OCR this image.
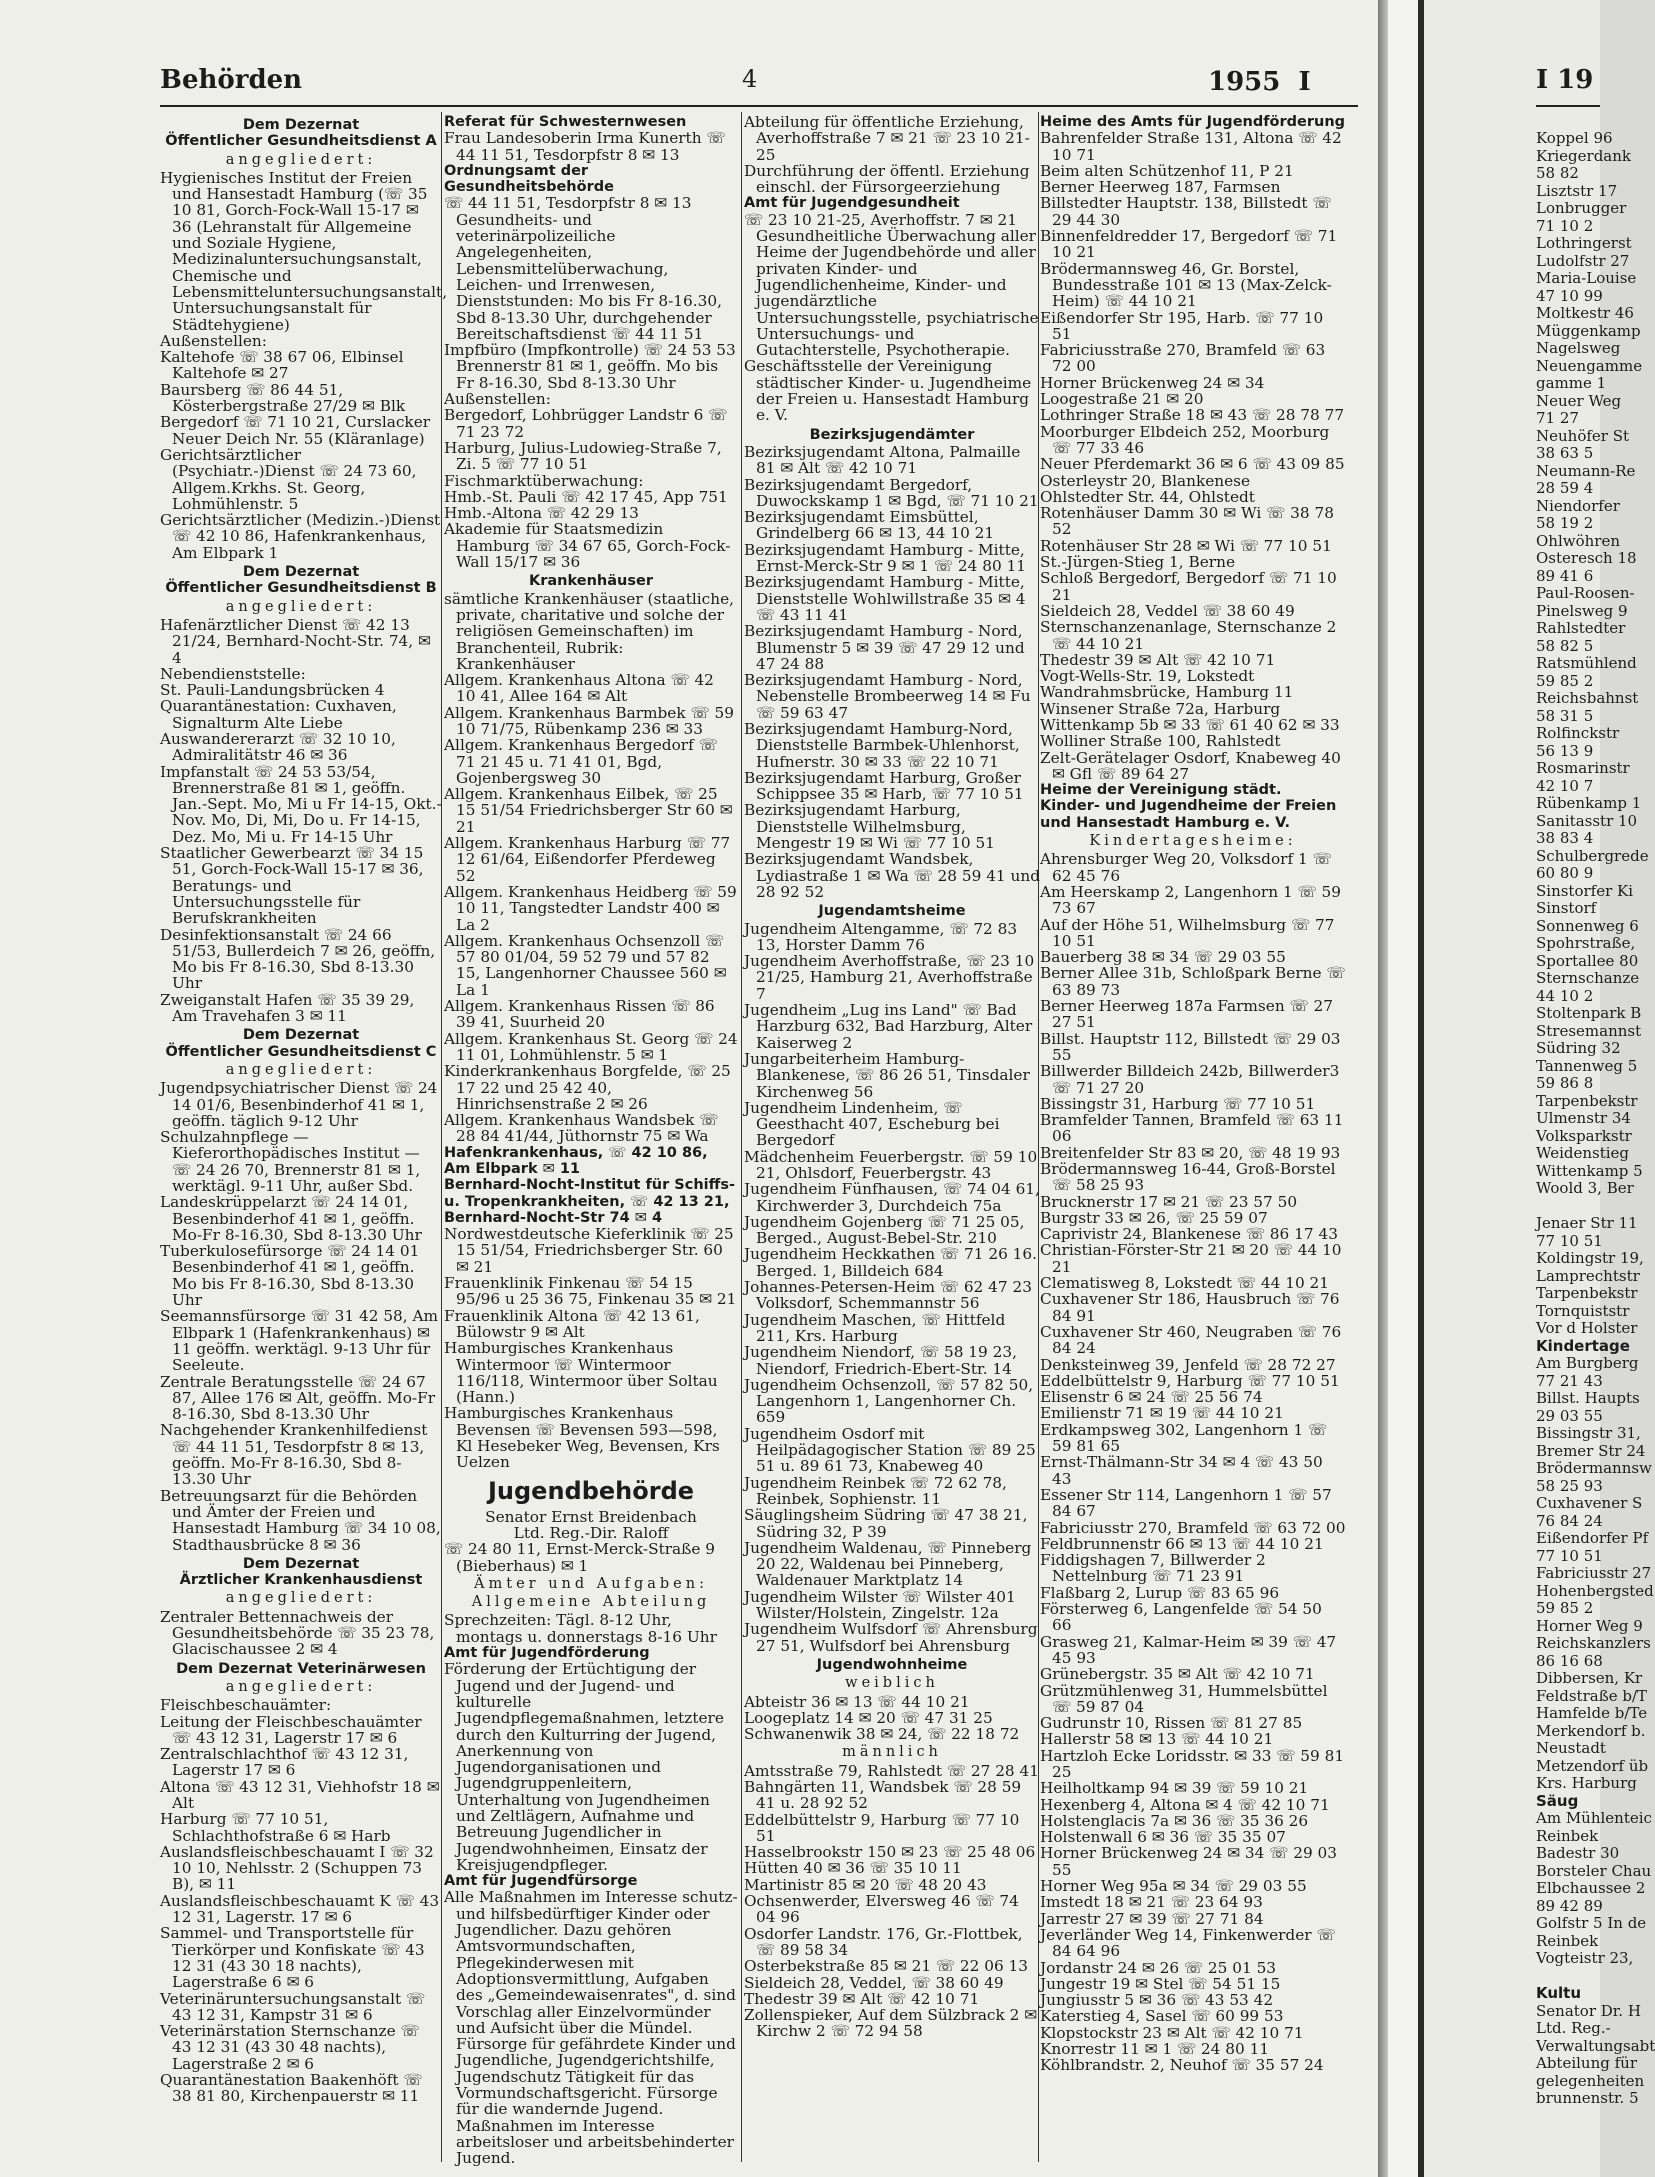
Behörden	4	1955 I
Dem Dezernat
Öffentlicher Gesundheitsdienst A
angegliedert:
Hygienisches Institut der Freien und Hansestadt Hamburg (☏ 35 10 81, Gorch-Fock-Wall 15-17 ✉ 36 (Lehranstalt für Allgemeine und Soziale Hygiene, Medizinaluntersuchungsanstalt, Chemische und Lebensmitteluntersuchungsanstalt, Untersuchungsanstalt für Städtehygiene)
Außenstellen:
Kaltehofe ☏ 38 67 06, Elbinsel Kaltehofe ✉ 27
Baursberg ☏ 86 44 51, Kösterbergstraße 27/29 ✉ Blk
Bergedorf ☏ 71 10 21, Curslacker Neuer Deich Nr. 55 (Kläranlage)
Gerichtsärztlicher (Psychiatr.-)Dienst ☏ 24 73 60, Allgem.Krkhs. St. Georg, Lohmühlenstr. 5
Gerichtsärztlicher (Medizin.-)Dienst ☏ 42 10 86, Hafenkrankenhaus, Am Elbpark 1
Dem Dezernat
Öffentlicher Gesundheitsdienst B
angegliedert:
Hafenärztlicher Dienst ☏ 42 13 21/24, Bernhard-Nocht-Str. 74, ✉ 4
Nebendienststelle:
St. Pauli-Landungsbrücken 4
Quarantänestation: Cuxhaven, Signalturm Alte Liebe
Auswandererarzt ☏ 32 10 10, Admiralitätstr 46 ✉ 36
Impfanstalt ☏ 24 53 53/54, Brennerstraße 81 ✉ 1, geöffn. Jan.-Sept. Mo, Mi u Fr 14-15, Okt.-Nov. Mo, Di, Mi, Do u. Fr 14-15, Dez. Mo, Mi u. Fr 14-15 Uhr
Staatlicher Gewerbearzt ☏ 34 15 51, Gorch-Fock-Wall 15-17 ✉ 36, Beratungs- und Untersuchungsstelle für Berufskrankheiten
Desinfektionsanstalt ☏ 24 66 51/53, Bullerdeich 7 ✉ 26, geöffn, Mo bis Fr 8-16.30, Sbd 8-13.30 Uhr
Zweiganstalt Hafen ☏ 35 39 29, Am Travehafen 3 ✉ 11
Dem Dezernat
Öffentlicher Gesundheitsdienst C
angegliedert:
Jugendpsychiatrischer Dienst ☏ 24 14 01/6, Besenbinderhof 41 ✉ 1, geöffn. täglich 9-12 Uhr
Schulzahnpflege — Kieferorthopädisches Institut — ☏ 24 26 70, Brennerstr 81 ✉ 1, werktägl. 9-11 Uhr, außer Sbd.
Landeskrüppelarzt ☏ 24 14 01, Besenbinderhof 41 ✉ 1, geöffn. Mo-Fr 8-16.30, Sbd 8-13.30 Uhr
Tuberkulosefürsorge ☏ 24 14 01 Besenbinderhof 41 ✉ 1, geöffn. Mo bis Fr 8-16.30, Sbd 8-13.30 Uhr
Seemannsfürsorge ☏ 31 42 58, Am Elbpark 1 (Hafenkrankenhaus) ✉ 11 geöffn. werktägl. 9-13 Uhr für Seeleute.
Zentrale Beratungsstelle ☏ 24 67 87, Allee 176 ✉ Alt, geöffn. Mo-Fr 8-16.30, Sbd 8-13.30 Uhr
Nachgehender Krankenhilfedienst ☏ 44 11 51, Tesdorpfstr 8 ✉ 13, geöffn. Mo-Fr 8-16.30, Sbd 8-13.30 Uhr
Betreuungsarzt für die Behörden und Ämter der Freien und Hansestadt Hamburg ☏ 34 10 08, Stadthausbrücke 8 ✉ 36
Dem Dezernat
Ärztlicher Krankenhausdienst
angegliedert:
Zentraler Bettennachweis der Gesundheitsbehörde ☏ 35 23 78, Glacischaussee 2 ✉ 4
Dem Dezernat Veterinärwesen
angegliedert:
Fleischbeschauämter:
Leitung der Fleischbeschauämter ☏ 43 12 31, Lagerstr 17 ✉ 6
Zentralschlachthof ☏ 43 12 31, Lagerstr 17 ✉ 6
Altona ☏ 43 12 31, Viehhofstr 18 ✉ Alt
Harburg ☏ 77 10 51, Schlachthofstraße 6 ✉ Harb
Auslandsfleischbeschauamt I ☏ 32 10 10, Nehlsstr. 2 (Schuppen 73 B), ✉ 11
Auslandsfleischbeschauamt K ☏ 43 12 31, Lagerstr. 17 ✉ 6
Sammel- und Transportstelle für Tierkörper und Konfiskate ☏ 43 12 31 (43 30 18 nachts), Lagerstraße 6 ✉ 6
Veterinäruntersuchungsanstalt ☏ 43 12 31, Kampstr 31 ✉ 6
Veterinärstation Sternschanze ☏ 43 12 31 (43 30 48 nachts), Lagerstraße 2 ✉ 6
Quarantänestation Baakenhöft ☏ 38 81 80, Kirchenpauerstr ✉ 11
Referat für Schwesternwesen
Frau Landesoberin Irma Kunerth ☏ 44 11 51, Tesdorpfstr 8 ✉ 13
Ordnungsamt der Gesundheitsbehörde
☏ 44 11 51, Tesdorpfstr 8 ✉ 13 Gesundheits- und veterinärpolizeiliche Angelegenheiten, Lebensmittelüberwachung, Leichen- und Irrenwesen, Dienststunden: Mo bis Fr 8-16.30, Sbd 8-13.30 Uhr, durchgehender Bereitschaftsdienst ☏ 44 11 51
Impfbüro (Impfkontrolle) ☏ 24 53 53 Brennerstr 81 ✉ 1, geöffn. Mo bis Fr 8-16.30, Sbd 8-13.30 Uhr
Außenstellen:
Bergedorf, Lohbrügger Landstr 6 ☏ 71 23 72
Harburg, Julius-Ludowieg-Straße 7, Zi. 5 ☏ 77 10 51
Fischmarktüberwachung:
Hmb.-St. Pauli ☏ 42 17 45, App 751
Hmb.-Altona ☏ 42 29 13
Akademie für Staatsmedizin Hamburg ☏ 34 67 65, Gorch-Fock-Wall 15/17 ✉ 36
Krankenhäuser
sämtliche Krankenhäuser (staatliche, private, charitative und solche der religiösen Gemeinschaften) im Branchenteil, Rubrik: Krankenhäuser
Allgem. Krankenhaus Altona ☏ 42 10 41, Allee 164 ✉ Alt
Allgem. Krankenhaus Barmbek ☏ 59 10 71/75, Rübenkamp 236 ✉ 33
Allgem. Krankenhaus Bergedorf ☏ 71 21 45 u. 71 41 01, Bgd, Gojenbergsweg 30
Allgem. Krankenhaus Eilbek, ☏ 25 15 51/54 Friedrichsberger Str 60 ✉ 21
Allgem. Krankenhaus Harburg ☏ 77 12 61/64, Eißendorfer Pferdeweg 52
Allgem. Krankenhaus Heidberg ☏ 59 10 11, Tangstedter Landstr 400 ✉ La 2
Allgem. Krankenhaus Ochsenzoll ☏ 57 80 01/04, 59 52 79 und 57 82 15, Langenhorner Chaussee 560 ✉ La 1
Allgem. Krankenhaus Rissen ☏ 86 39 41, Suurheid 20
Allgem. Krankenhaus St. Georg ☏ 24 11 01, Lohmühlenstr. 5 ✉ 1
Kinderkrankenhaus Borgfelde, ☏ 25 17 22 und 25 42 40, Hinrichsenstraße 2 ✉ 26
Allgem. Krankenhaus Wandsbek ☏ 28 84 41/44, Jüthornstr 75 ✉ Wa
Hafenkrankenhaus, ☏ 42 10 86, Am Elbpark ✉ 11
Bernhard-Nocht-Institut für Schiffs- u. Tropenkrankheiten, ☏ 42 13 21, Bernhard-Nocht-Str 74 ✉ 4
Nordwestdeutsche Kieferklinik ☏ 25 15 51/54, Friedrichsberger Str. 60 ✉ 21
Frauenklinik Finkenau ☏ 54 15 95/96 u 25 36 75, Finkenau 35 ✉ 21
Frauenklinik Altona ☏ 42 13 61, Bülowstr 9 ✉ Alt
Hamburgisches Krankenhaus Wintermoor ☏ Wintermoor 116/118, Wintermoor über Soltau (Hann.)
Hamburgisches Krankenhaus Bevensen ☏ Bevensen 593—598, Kl Hesebeker Weg, Bevensen, Krs Uelzen
Jugendbehörde
Senator Ernst Breidenbach
Ltd. Reg.-Dir. Raloff
☏ 24 80 11, Ernst-Merck-Straße 9 (Bieberhaus) ✉ 1
Ämter und Aufgaben:
Allgemeine Abteilung
Sprechzeiten: Tägl. 8-12 Uhr, montags u. donnerstags 8-16 Uhr
Amt für Jugendförderung
Förderung der Ertüchtigung der Jugend und der Jugend- und kulturelle Jugendpflegemaßnahmen, letztere durch den Kulturring der Jugend, Anerkennung von Jugendorganisationen und Jugendgruppenleitern, Unterhaltung von Jugendheimen und Zeltlägern, Aufnahme und Betreuung Jugendlicher in Jugendwohnheimen, Einsatz der Kreisjugendpfleger.
Amt für Jugendfürsorge
Alle Maßnahmen im Interesse schutz- und hilfsbedürftiger Kinder oder Jugendlicher. Dazu gehören Amtsvormundschaften, Pflegekinderwesen mit Adoptionsvermittlung, Aufgaben des „Gemeindewaisenrates", d. sind Vorschlag aller Einzelvormünder und Aufsicht über die Mündel. Fürsorge für gefährdete Kinder und Jugendliche, Jugendgerichtshilfe, Jugendschutz Tätigkeit für das Vormundschaftsgericht. Fürsorge für die wandernde Jugend. Maßnahmen im Interesse arbeitsloser und arbeitsbehinderter Jugend.
Abteilung für öffentliche Erziehung, Averhoffstraße 7 ✉ 21 ☏ 23 10 21-25
Durchführung der öffentl. Erziehung einschl. der Fürsorgeerziehung
Amt für Jugendgesundheit
☏ 23 10 21-25, Averhoffstr. 7 ✉ 21 Gesundheitliche Überwachung aller Heime der Jugendbehörde und aller privaten Kinder- und Jugendlichenheime, Kinder- und jugendärztliche Untersuchungsstelle, psychiatrische Untersuchungs- und Gutachterstelle, Psychotherapie.
Geschäftsstelle der Vereinigung städtischer Kinder- u. Jugendheime der Freien u. Hansestadt Hamburg e. V.
Bezirksjugendämter
Bezirksjugendamt Altona, Palmaille 81 ✉ Alt ☏ 42 10 71
Bezirksjugendamt Bergedorf, Duwockskamp 1 ✉ Bgd, ☏ 71 10 21
Bezirksjugendamt Eimsbüttel, Grindelberg 66 ✉ 13, 44 10 21
Bezirksjugendamt Hamburg - Mitte, Ernst-Merck-Str 9 ✉ 1 ☏ 24 80 11
Bezirksjugendamt Hamburg - Mitte, Dienststelle Wohlwillstraße 35 ✉ 4 ☏ 43 11 41
Bezirksjugendamt Hamburg - Nord, Blumenstr 5 ✉ 39 ☏ 47 29 12 und 47 24 88
Bezirksjugendamt Hamburg - Nord, Nebenstelle Brombeerweg 14 ✉ Fu ☏ 59 63 47
Bezirksjugendamt Hamburg-Nord, Dienststelle Barmbek-Uhlenhorst, Hufnerstr. 30 ✉ 33 ☏ 22 10 71
Bezirksjugendamt Harburg, Großer Schippsee 35 ✉ Harb, ☏ 77 10 51
Bezirksjugendamt Harburg, Dienststelle Wilhelmsburg, Mengestr 19 ✉ Wi ☏ 77 10 51
Bezirksjugendamt Wandsbek, Lydiastraße 1 ✉ Wa ☏ 28 59 41 und 28 92 52
Jugendamtsheime
Jugendheim Altengamme, ☏ 72 83 13, Horster Damm 76
Jugendheim Averhoffstraße, ☏ 23 10 21/25, Hamburg 21, Averhoffstraße 7
Jugendheim „Lug ins Land" ☏ Bad Harzburg 632, Bad Harzburg, Alter Kaiserweg 2
Jungarbeiterheim Hamburg-Blankenese, ☏ 86 26 51, Tinsdaler Kirchenweg 56
Jugendheim Lindenheim, ☏ Geesthacht 407, Escheburg bei Bergedorf
Mädchenheim Feuerbergstr. ☏ 59 10 21, Ohlsdorf, Feuerbergstr. 43
Jugendheim Fünfhausen, ☏ 74 04 61, Kirchwerder 3, Durchdeich 75a
Jugendheim Gojenberg ☏ 71 25 05, Berged., August-Bebel-Str. 210
Jugendheim Heckkathen ☏ 71 26 16. Berged. 1, Billdeich 684
Johannes-Petersen-Heim ☏ 62 47 23 Volksdorf, Schemmannstr 56
Jugendheim Maschen, ☏ Hittfeld 211, Krs. Harburg
Jugendheim Niendorf, ☏ 58 19 23, Niendorf, Friedrich-Ebert-Str. 14
Jugendheim Ochsenzoll, ☏ 57 82 50, Langenhorn 1, Langenhorner Ch. 659
Jugendheim Osdorf mit Heilpädagogischer Station ☏ 89 25 51 u. 89 61 73, Knabeweg 40
Jugendheim Reinbek ☏ 72 62 78, Reinbek, Sophienstr. 11
Säuglingsheim Südring ☏ 47 38 21, Südring 32, P 39
Jugendheim Waldenau, ☏ Pinneberg 20 22, Waldenau bei Pinneberg, Waldenauer Marktplatz 14
Jugendheim Wilster ☏ Wilster 401 Wilster/Holstein, Zingelstr. 12a
Jugendheim Wulfsdorf ☏ Ahrensburg 27 51, Wulfsdorf bei Ahrensburg
Jugendwohnheime
weiblich
Abteistr 36 ✉ 13 ☏ 44 10 21
Loogeplatz 14 ✉ 20 ☏ 47 31 25
Schwanenwik 38 ✉ 24, ☏ 22 18 72
männlich
Amtsstraße 79, Rahlstedt ☏ 27 28 41
Bahngärten 11, Wandsbek ☏ 28 59 41 u. 28 92 52
Eddelbüttelstr 9, Harburg ☏ 77 10 51
Hasselbrookstr 150 ✉ 23 ☏ 25 48 06
Hütten 40 ✉ 36 ☏ 35 10 11
Martinistr 85 ✉ 20 ☏ 48 20 43
Ochsenwerder, Elversweg 46 ☏ 74 04 96
Osdorfer Landstr. 176, Gr.-Flottbek, ☏ 89 58 34
Osterbekstraße 85 ✉ 21 ☏ 22 06 13
Sieldeich 28, Veddel, ☏ 38 60 49
Thedestr 39 ✉ Alt ☏ 42 10 71
Zollenspieker, Auf dem Sülzbrack 2 ✉ Kirchw 2 ☏ 72 94 58
Heime des Amts für Jugendförderung
Bahrenfelder Straße 131, Altona ☏ 42 10 71
Beim alten Schützenhof 11, P 21
Berner Heerweg 187, Farmsen
Billstedter Hauptstr. 138, Billstedt ☏ 29 44 30
Binnenfeldredder 17, Bergedorf ☏ 71 10 21
Brödermannsweg 46, Gr. Borstel, Bundesstraße 101 ✉ 13 (Max-Zelck-Heim) ☏ 44 10 21
Eißendorfer Str 195, Harb. ☏ 77 10 51
Fabriciusstraße 270, Bramfeld ☏ 63 72 00
Horner Brückenweg 24 ✉ 34
Loogestraße 21 ✉ 20
Lothringer Straße 18 ✉ 43 ☏ 28 78 77
Moorburger Elbdeich 252, Moorburg ☏ 77 33 46
Neuer Pferdemarkt 36 ✉ 6 ☏ 43 09 85
Osterleystr 20, Blankenese
Ohlstedter Str. 44, Ohlstedt
Rotenhäuser Damm 30 ✉ Wi ☏ 38 78 52
Rotenhäuser Str 28 ✉ Wi ☏ 77 10 51
St.-Jürgen-Stieg 1, Berne
Schloß Bergedorf, Bergedorf ☏ 71 10 21
Sieldeich 28, Veddel ☏ 38 60 49
Sternschanzenanlage, Sternschanze 2 ☏ 44 10 21
Thedestr 39 ✉ Alt ☏ 42 10 71
Vogt-Wells-Str. 19, Lokstedt
Wandrahmsbrücke, Hamburg 11
Winsener Straße 72a, Harburg
Wittenkamp 5b ✉ 33 ☏ 61 40 62 ✉ 33
Wolliner Straße 100, Rahlstedt
Zelt-Gerätelager Osdorf, Knabeweg 40 ✉ Gfl ☏ 89 64 27
Heime der Vereinigung städt. Kinder- und Jugendheime der Freien und Hansestadt Hamburg e. V.
Kindertagesheime:
Ahrensburger Weg 20, Volksdorf 1 ☏ 62 45 76
Am Heerskamp 2, Langenhorn 1 ☏ 59 73 67
Auf der Höhe 51, Wilhelmsburg ☏ 77 10 51
Bauerberg 38 ✉ 34 ☏ 29 03 55
Berner Allee 31b, Schloßpark Berne ☏ 63 89 73
Berner Heerweg 187a Farmsen ☏ 27 27 51
Billst. Hauptstr 112, Billstedt ☏ 29 03 55
Billwerder Billdeich 242b, Billwerder3 ☏ 71 27 20
Bissingstr 31, Harburg ☏ 77 10 51
Bramfelder Tannen, Bramfeld ☏ 63 11 06
Breitenfelder Str 83 ✉ 20, ☏ 48 19 93
Brödermannsweg 16-44, Groß-Borstel ☏ 58 25 93
Brucknerstr 17 ✉ 21 ☏ 23 57 50
Burgstr 33 ✉ 26, ☏ 25 59 07
Caprivistr 24, Blankenese ☏ 86 17 43
Christian-Förster-Str 21 ✉ 20 ☏ 44 10 21
Clematisweg 8, Lokstedt ☏ 44 10 21
Cuxhavener Str 186, Hausbruch ☏ 76 84 91
Cuxhavener Str 460, Neugraben ☏ 76 84 24
Denksteinweg 39, Jenfeld ☏ 28 72 27
Eddelbüttelstr 9, Harburg ☏ 77 10 51
Elisenstr 6 ✉ 24 ☏ 25 56 74
Emilienstr 71 ✉ 19 ☏ 44 10 21
Erdkampsweg 302, Langenhorn 1 ☏ 59 81 65
Ernst-Thälmann-Str 34 ✉ 4 ☏ 43 50 43
Essener Str 114, Langenhorn 1 ☏ 57 84 67
Fabriciusstr 270, Bramfeld ☏ 63 72 00
Feldbrunnenstr 66 ✉ 13 ☏ 44 10 21
Fiddigshagen 7, Billwerder 2 Nettelnburg ☏ 71 23 91
Flaßbarg 2, Lurup ☏ 83 65 96
Försterweg 6, Langenfelde ☏ 54 50 66
Grasweg 21, Kalmar-Heim ✉ 39 ☏ 47 45 93
Grünebergstr. 35 ✉ Alt ☏ 42 10 71
Grützmühlenweg 31, Hummelsbüttel ☏ 59 87 04
Gudrunstr 10, Rissen ☏ 81 27 85
Hallerstr 58 ✉ 13 ☏ 44 10 21
Hartzloh Ecke Loridsstr. ✉ 33 ☏ 59 81 25
Heilholtkamp 94 ✉ 39 ☏ 59 10 21
Hexenberg 4, Altona ✉ 4 ☏ 42 10 71
Holstenglacis 7a ✉ 36 ☏ 35 36 26
Holstenwall 6 ✉ 36 ☏ 35 35 07
Horner Brückenweg 24 ✉ 34 ☏ 29 03 55
Horner Weg 95a ✉ 34 ☏ 29 03 55
Imstedt 18 ✉ 21 ☏ 23 64 93
Jarrestr 27 ✉ 39 ☏ 27 71 84
Jeverländer Weg 14, Finkenwerder ☏ 84 64 96
Jordanstr 24 ✉ 26 ☏ 25 01 53
Jungestr 19 ✉ Stel ☏ 54 51 15
Jungiusstr 5 ✉ 36 ☏ 43 53 42
Katerstieg 4, Sasel ☏ 60 99 53
Klopstockstr 23 ✉ Alt ☏ 42 10 71
Knorrestr 11 ✉ 1 ☏ 24 80 11
Köhlbrandstr. 2, Neuhof ☏ 35 57 24
I 19

Koppel 96

Kriegerdank

58 82

Lisztstr 17

Lonbrugger

71 10 2

Lothringerst

Ludolfstr 27

Maria-Louise

47 10 99

Moltkestr 46

Müggenkamp

Nagelsweg

Neuengamme

gamme 1

Neuer Weg

71 27

Neuhöfer St

38 63 5

Neumann-Re

28 59 4

Niendorfer

58 19 2

Ohlwöhren

Osteresch 18

89 41 6

Paul-Roosen-

Pinelsweg 9

Rahlstedter

58 82 5

Ratsmühlend

59 85 2

Reichsbahnst

58 31 5

Rolfinckstr

56 13 9

Rosmarinstr

42 10 7

Rübenkamp 1

Sanitasstr 10

38 83 4

Schulbergrede

60 80 9

Sinstorfer Ki

Sinstorf

Sonnenweg 6

Spohrstraße,

Sportallee 80

Sternschanze

44 10 2

Stoltenpark B

Stresemannst

Südring 32

Tannenweg 5

59 86 8

Tarpenbekstr

Ulmenstr 34

Volksparkstr

Weidenstieg

Wittenkamp 5

Woold 3, Ber

Jenaer Str 11

77 10 51

Koldingstr 19,

Lamprechtstr

Tarpenbekstr

Tornquiststr

Vor d Holster

Kindertage

Am Burgberg

77 21 43

Billst. Haupts

29 03 55

Bissingstr 31,

Bremer Str 24

Brödermannsw

58 25 93

Cuxhavener S

76 84 24

Eißendorfer Pf

77 10 51

Fabriciusstr 27

Hohenbergsted

59 85 2

Horner Weg 9

Reichskanzlers

86 16 68

Dibbersen, Kr

Feldstraße b/T

Hamfelde b/Te

Merkendorf b.

Neustadt

Metzendorf üb

Krs. Harburg

Säug

Am Mühlenteic

Reinbek

Badestr 30

Borsteler Chau

Elbchaussee 2

89 42 89

Golfstr 5 In de

Reinbek

Vogteistr 23,

Kultu

Senator Dr. H

Ltd. Reg.-

Verwaltungsabt

Abteilung für

gelegenheiten

brunnenstr. 5
